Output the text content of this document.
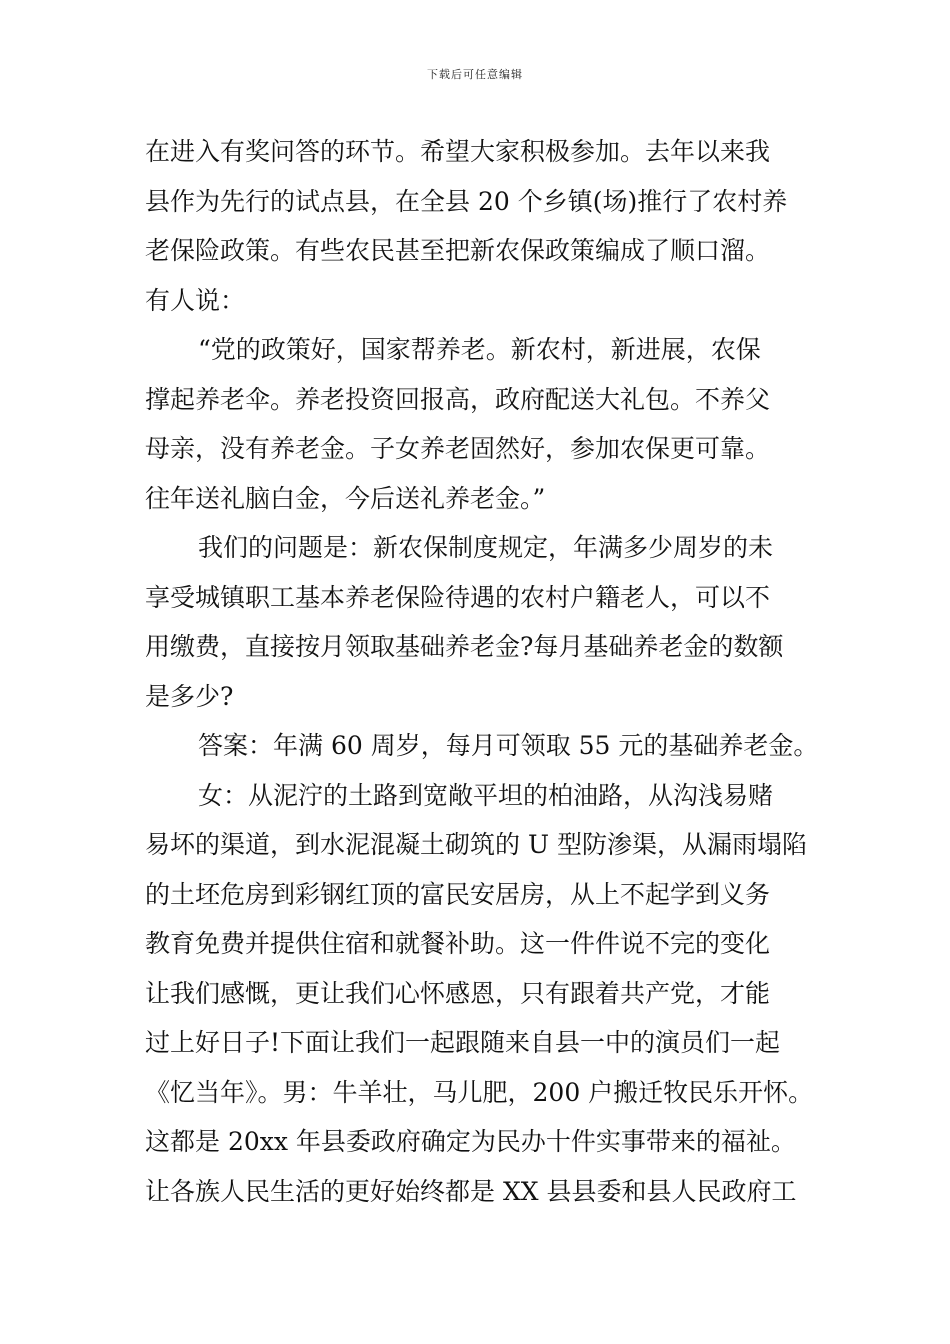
下载后可任意编辑
在进入有奖问答的环节。希望大家积极参加。去年以来我
县作为先行的试点县，在全县 20 个乡镇(场)推行了农村养
老保险政策。有些农民甚至把新农保政策编成了顺口溜。
有人说：
“党的政策好，国家帮养老。新农村，新进展，农保
撑起养老伞。养老投资回报高，政府配送大礼包。不养父
母亲，没有养老金。子女养老固然好，参加农保更可靠。
往年送礼脑白金，今后送礼养老金。”
我们的问题是：新农保制度规定，年满多少周岁的未
享受城镇职工基本养老保险待遇的农村户籍老人，可以不
用缴费，直接按月领取基础养老金?每月基础养老金的数额
是多少?
答案：年满 60 周岁，每月可领取 55 元的基础养老金。
女：从泥泞的土路到宽敞平坦的柏油路，从沟浅易赌
易坏的渠道，到水泥混凝土砌筑的 U 型防渗渠，从漏雨塌陷
的土坯危房到彩钢红顶的富民安居房，从上不起学到义务
教育免费并提供住宿和就餐补助。这一件件说不完的变化
让我们感慨，更让我们心怀感恩，只有跟着共产党，才能
过上好日子!下面让我们一起跟随来自县一中的演员们一起
《忆当年》。男：牛羊壮，马儿肥，200 户搬迁牧民乐开怀。
这都是 20xx 年县委政府确定为民办十件实事带来的福祉。
让各族人民生活的更好始终都是 XX 县县委和县人民政府工
